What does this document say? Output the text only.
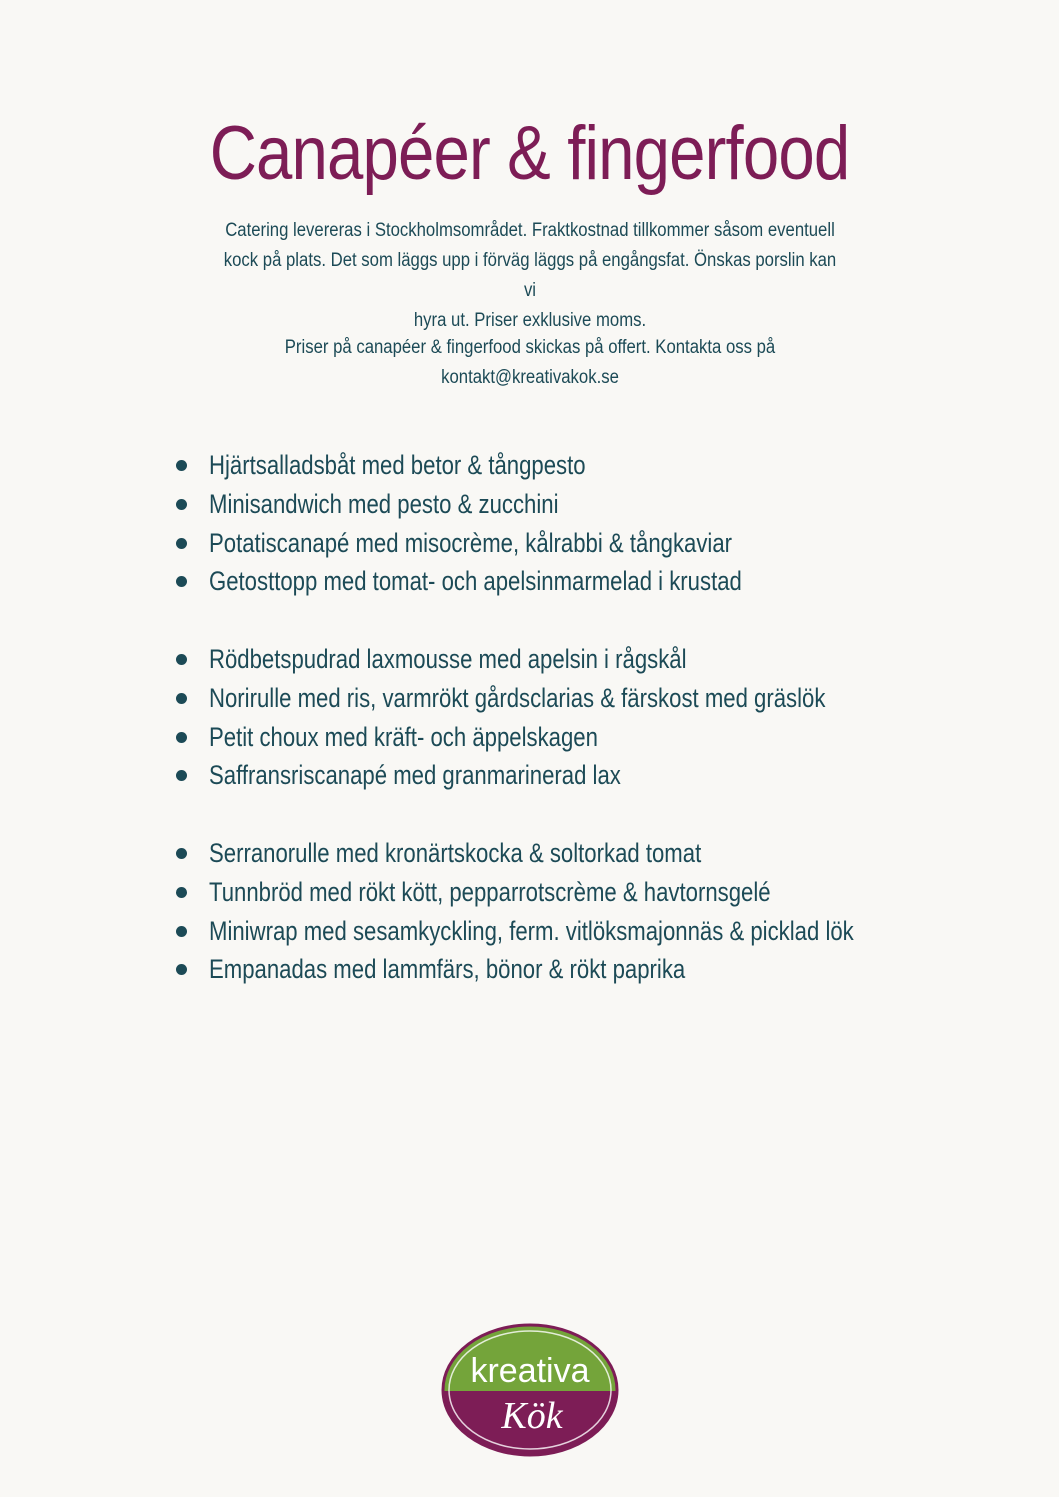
Canapéer & fingerfood
Catering levereras i Stockholmsområdet. Fraktkostnad tillkommer såsom eventuell
kock på plats. Det som läggs upp i förväg läggs på engångsfat. Önskas porslin kan vi
hyra ut. Priser exklusive moms.
Priser på canapéer & fingerfood skickas på offert. Kontakta oss på
kontakt@kreativakok.se
Hjärtsalladsbåt med betor & tångpesto
Minisandwich med pesto & zucchini
Potatiscanapé med misocrème, kålrabbi & tångkaviar
Getosttopp med tomat- och apelsinmarmelad i krustad
Rödbetspudrad laxmousse med apelsin i rågskål
Norirulle med ris, varmrökt gårdsclarias & färskost med gräslök
Petit choux med kräft- och äppelskagen
Saffransriscanapé med granmarinerad lax
Serranorulle med kronärtskocka & soltorkad tomat
Tunnbröd med rökt kött, pepparrotscrème & havtornsgelé
Miniwrap med sesamkyckling, ferm. vitlöksmajonnäs & picklad lök
Empanadas med lammfärs, bönor & rökt paprika
kreativa
Kök
